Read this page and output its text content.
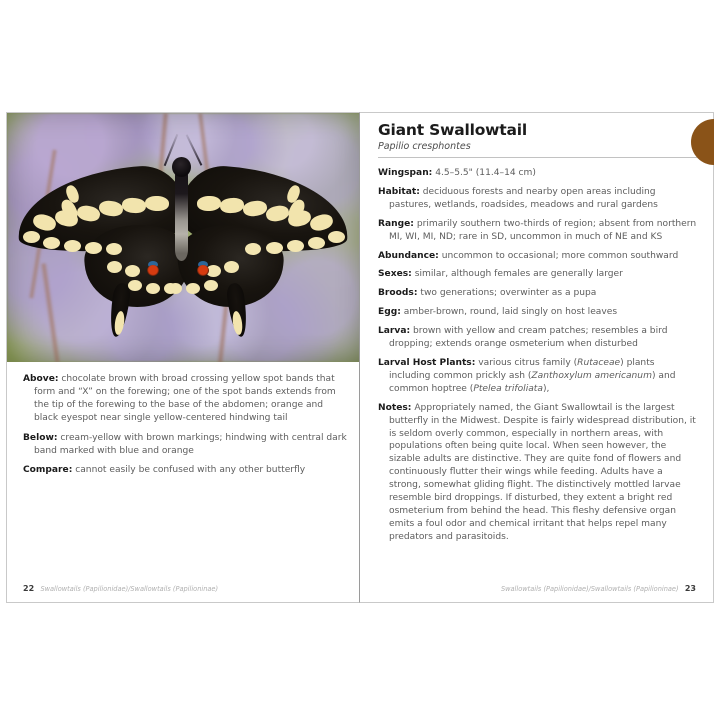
Above: chocolate brown with broad crossing yellow spot bands that form and “X” on the forewing; one of the spot bands extends from the tip of the forewing to the base of the abdomen; orange and black eyespot near single yellow-centered hindwing tail

Below: cream-yellow with brown markings; hindwing with central dark band marked with blue and orange

Compare: cannot easily be confused with any other butterfly

22 Swallowtails (Papilionidae)/Swallowtails (Papilioninae)
Giant Swallowtail
Papilio cresphontes

Wingspan: 4.5–5.5" (11.4–14 cm)

Habitat: deciduous forests and nearby open areas including pastures, wetlands, roadsides, meadows and rural gardens

Range: primarily southern two-thirds of region; absent from northern MI, WI, MI, ND; rare in SD, uncommon in much of NE and KS

Abundance: uncommon to occasional; more common southward

Sexes: similar, although females are generally larger

Broods: two generations; overwinter as a pupa

Egg: amber-brown, round, laid singly on host leaves

Larva: brown with yellow and cream patches; resembles a bird dropping; extends orange osmeterium when disturbed

Larval Host Plants: various citrus family (Rutaceae) plants including common prickly ash (Zanthoxylum americanum) and common hoptree (Ptelea trifoliata),

Notes: Appropriately named, the Giant Swallowtail is the largest butterfly in the Midwest. Despite is fairly widespread distribution, it is seldom overly common, especially in northern areas, with populations often being quite local. When seen however, the sizable adults are distinctive. They are quite fond of flowers and continuously flutter their wings while feeding. Adults have a strong, somewhat gliding flight. The distinctively mottled larvae resemble bird droppings. If disturbed, they extent a bright red osmeterium from behind the head. This fleshy defensive organ emits a foul odor and chemical irritant that helps repel many predators and parasitoids.

Swallowtails (Papilionidae)/Swallowtails (Papilioninae) 23
